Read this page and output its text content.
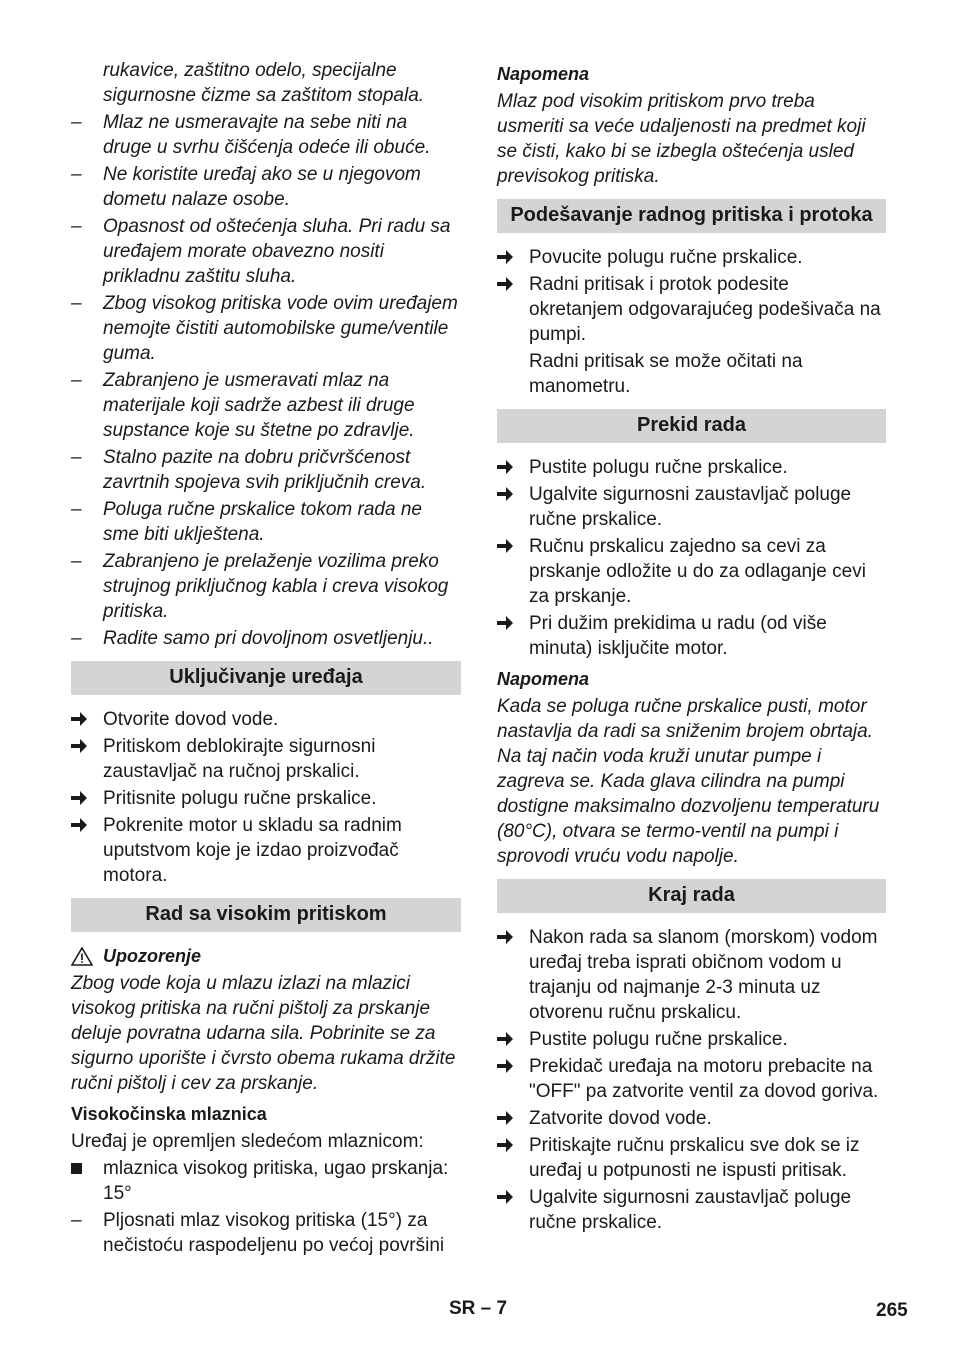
rukavice, zaštitno odelo, specijalne sigurnosne čizme sa zaštitom stopala.
–	Mlaz ne usmeravajte na sebe niti na druge u svrhu čišćenja odeće ili obuće.
–	Ne koristite uređaj ako se u njegovom dometu nalaze osobe.
–	Opasnost od oštećenja sluha. Pri radu sa uređajem morate obavezno nositi prikladnu zaštitu sluha.
–	Zbog visokog pritiska vode ovim uređajem nemojte čistiti automobilske gume/ventile guma.
–	Zabranjeno je usmeravati mlaz na materijale koji sadrže azbest ili druge supstance koje su štetne po zdravlje.
–	Stalno pazite na dobru pričvršćenost zavrtnih spojeva svih priključnih creva.
–	Poluga ručne prskalice tokom rada ne sme biti uklještena.
–	Zabranjeno je prelaženje vozilima preko strujnog priključnog kabla i creva visokog pritiska.
–	Radite samo pri dovoljnom osvetljenju..
Uključivanje uređaja
Otvorite dovod vode.
Pritiskom deblokirajte sigurnosni zaustavljač na ručnoj prskalici.
Pritisnite polugu ručne prskalice.
Pokrenite motor u skladu sa radnim uputstvom koje je izdao proizvođač motora.
Rad sa visokim pritiskom
Upozorenje
Zbog vode koja u mlazu izlazi na mlazici visokog pritiska na ručni pištolj za prskanje deluje povratna udarna sila. Pobrinite se za sigurno uporište i čvrsto obema rukama držite ručni pištolj i cev za prskanje.
Visokočinska mlaznica
Uređaj je opremljen sledećom mlaznicom:
mlaznica visokog pritiska, ugao prskanja: 15°
–	Pljosnati mlaz visokog pritiska (15°) za nečistoću raspodeljenu po većoj površini
Napomena
Mlaz pod visokim pritiskom prvo treba usmeriti sa veće udaljenosti na predmet koji se čisti, kako bi se izbegla oštećenja usled previsokog pritiska.
Podešavanje radnog pritiska i protoka
Povucite polugu ručne prskalice.
Radni pritisak i protok podesite okretanjem odgovarajućeg podešivača na pumpi.
Radni pritisak se može očitati na manometru.
Prekid rada
Pustite polugu ručne prskalice.
Ugalvite sigurnosni zaustavljač poluge ručne prskalice.
Ručnu prskalicu zajedno sa cevi za prskanje odložite u do za odlaganje cevi za prskanje.
Pri dužim prekidima u radu (od više minuta) isključite motor.
Napomena
Kada se poluga ručne prskalice pusti, motor nastavlja da radi sa sniženim brojem obrtaja. Na taj način voda kruži unutar pumpe i zagreva se. Kada glava cilindra na pumpi dostigne maksimalno dozvoljenu temperaturu (80°C), otvara se termo-ventil na pumpi i sprovodi vruću vodu napolje.
Kraj rada
Nakon rada sa slanom (morskom) vodom uređaj treba isprati običnom vodom u trajanju od najmanje 2-3 minuta uz otvorenu ručnu prskalicu.
Pustite polugu ručne prskalice.
Prekidač uređaja na motoru prebacite na "OFF" pa zatvorite ventil za dovod goriva.
Zatvorite dovod vode.
Pritiskajte ručnu prskalicu sve dok se iz uređaj u potpunosti ne ispusti pritisak.
Ugalvite sigurnosni zaustavljač poluge ručne prskalice.
SR – 7	265
